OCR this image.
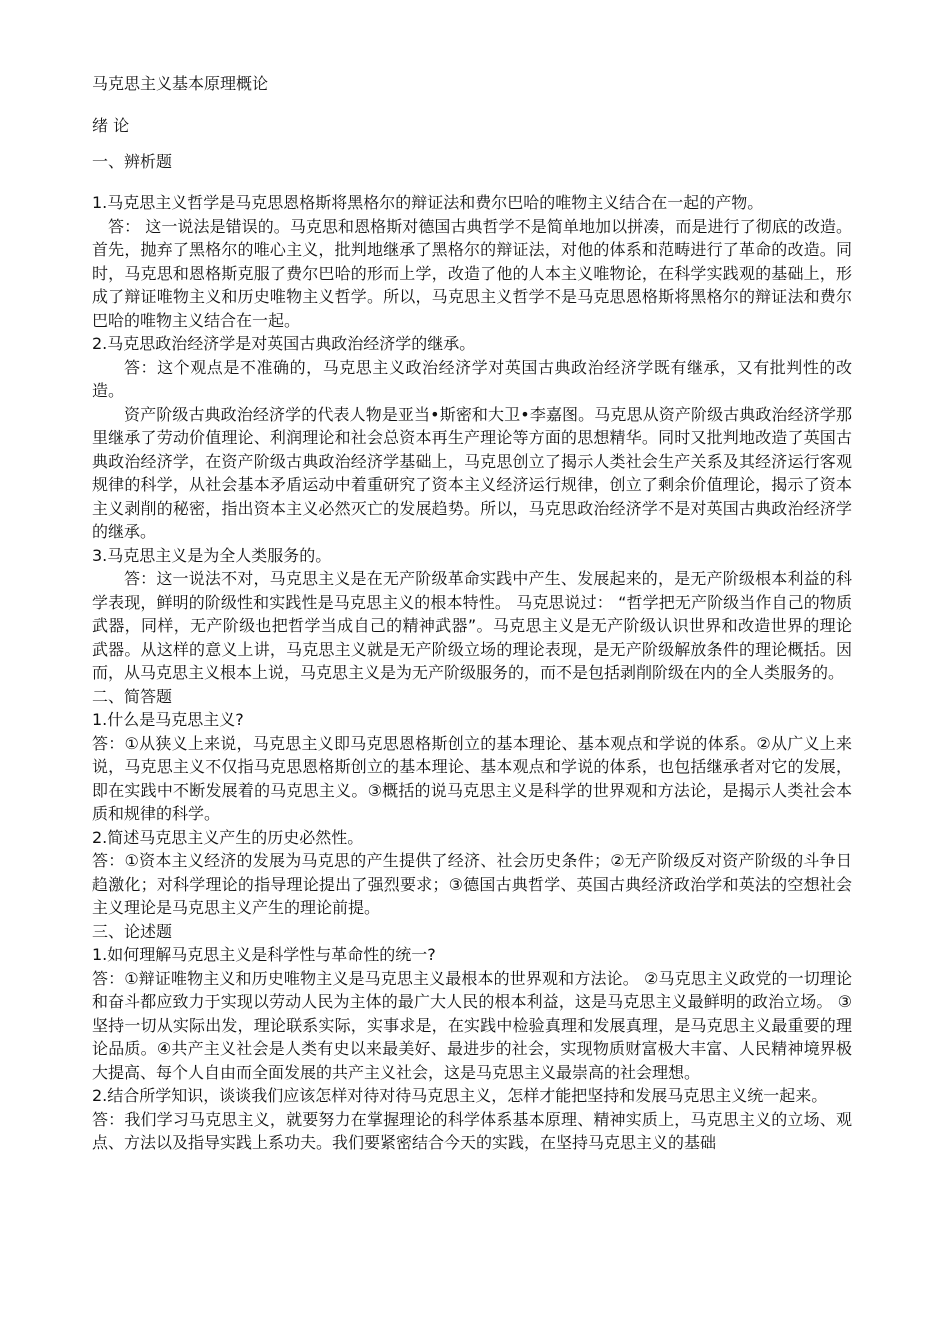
马克思主义基本原理概论
绪 论
一、辨析题

1.马克思主义哲学是马克思恩格斯将黑格尔的辩证法和费尔巴哈的唯物主义结合在一起的产物。

答： 这一说法是错误的。马克思和恩格斯对德国古典哲学不是简单地加以拼凑，而是进行了彻底的改造。首先，抛弃了黑格尔的唯心主义，批判地继承了黑格尔的辩证法，对他的体系和范畴进行了革命的改造。同时，马克思和恩格斯克服了费尔巴哈的形而上学，改造了他的人本主义唯物论，在科学实践观的基础上，形成了辩证唯物主义和历史唯物主义哲学。所以，马克思主义哲学不是马克思恩格斯将黑格尔的辩证法和费尔巴哈的唯物主义结合在一起。

2.马克思政治经济学是对英国古典政治经济学的继承。

答：这个观点是不准确的，马克思主义政治经济学对英国古典政治经济学既有继承，又有批判性的改造。

资产阶级古典政治经济学的代表人物是亚当•斯密和大卫•李嘉图。马克思从资产阶级古典政治经济学那里继承了劳动价值理论、利润理论和社会总资本再生产理论等方面的思想精华。同时又批判地改造了英国古典政治经济学，在资产阶级古典政治经济学基础上，马克思创立了揭示人类社会生产关系及其经济运行客观规律的科学，从社会基本矛盾运动中着重研究了资本主义经济运行规律，创立了剩余价值理论，揭示了资本主义剥削的秘密，指出资本主义必然灭亡的发展趋势。所以，马克思政治经济学不是对英国古典政治经济学的继承。

3.马克思主义是为全人类服务的。

答：这一说法不对，马克思主义是在无产阶级革命实践中产生、发展起来的，是无产阶级根本利益的科学表现，鲜明的阶级性和实践性是马克思主义的根本特性。 马克思说过： “哲学把无产阶级当作自己的物质武器，同样，无产阶级也把哲学当成自己的精神武器”。马克思主义是无产阶级认识世界和改造世界的理论武器。从这样的意义上讲，马克思主义就是无产阶级立场的理论表现，是无产阶级解放条件的理论概括。因而，从马克思主义根本上说，马克思主义是为无产阶级服务的，而不是包括剥削阶级在内的全人类服务的。

二、简答题

1.什么是马克思主义?

答：①从狭义上来说，马克思主义即马克思恩格斯创立的基本理论、基本观点和学说的体系。②从广义上来说，马克思主义不仅指马克思恩格斯创立的基本理论、基本观点和学说的体系，也包括继承者对它的发展，即在实践中不断发展着的马克思主义。③概括的说马克思主义是科学的世界观和方法论，是揭示人类社会本质和规律的科学。

2.简述马克思主义产生的历史必然性。

答：①资本主义经济的发展为马克思的产生提供了经济、社会历史条件；②无产阶级反对资产阶级的斗争日趋激化；对科学理论的指导理论提出了强烈要求；③德国古典哲学、英国古典经济政治学和英法的空想社会主义理论是马克思主义产生的理论前提。

三、论述题

1.如何理解马克思主义是科学性与革命性的统一?

答：①辩证唯物主义和历史唯物主义是马克思主义最根本的世界观和方法论。 ②马克思主义政党的一切理论和奋斗都应致力于实现以劳动人民为主体的最广大人民的根本利益，这是马克思主义最鲜明的政治立场。 ③坚持一切从实际出发，理论联系实际，实事求是，在实践中检验真理和发展真理，是马克思主义最重要的理论品质。④共产主义社会是人类有史以来最美好、最进步的社会，实现物质财富极大丰富、人民精神境界极大提高、每个人自由而全面发展的共产主义社会，这是马克思主义最崇高的社会理想。

2.结合所学知识，谈谈我们应该怎样对待对待马克思主义，怎样才能把坚持和发展马克思主义统一起来。

答：我们学习马克思主义，就要努力在掌握理论的科学体系基本原理、精神实质上，马克思主义的立场、观点、方法以及指导实践上系功夫。我们要紧密结合今天的实践，在坚持马克思主义的基础
